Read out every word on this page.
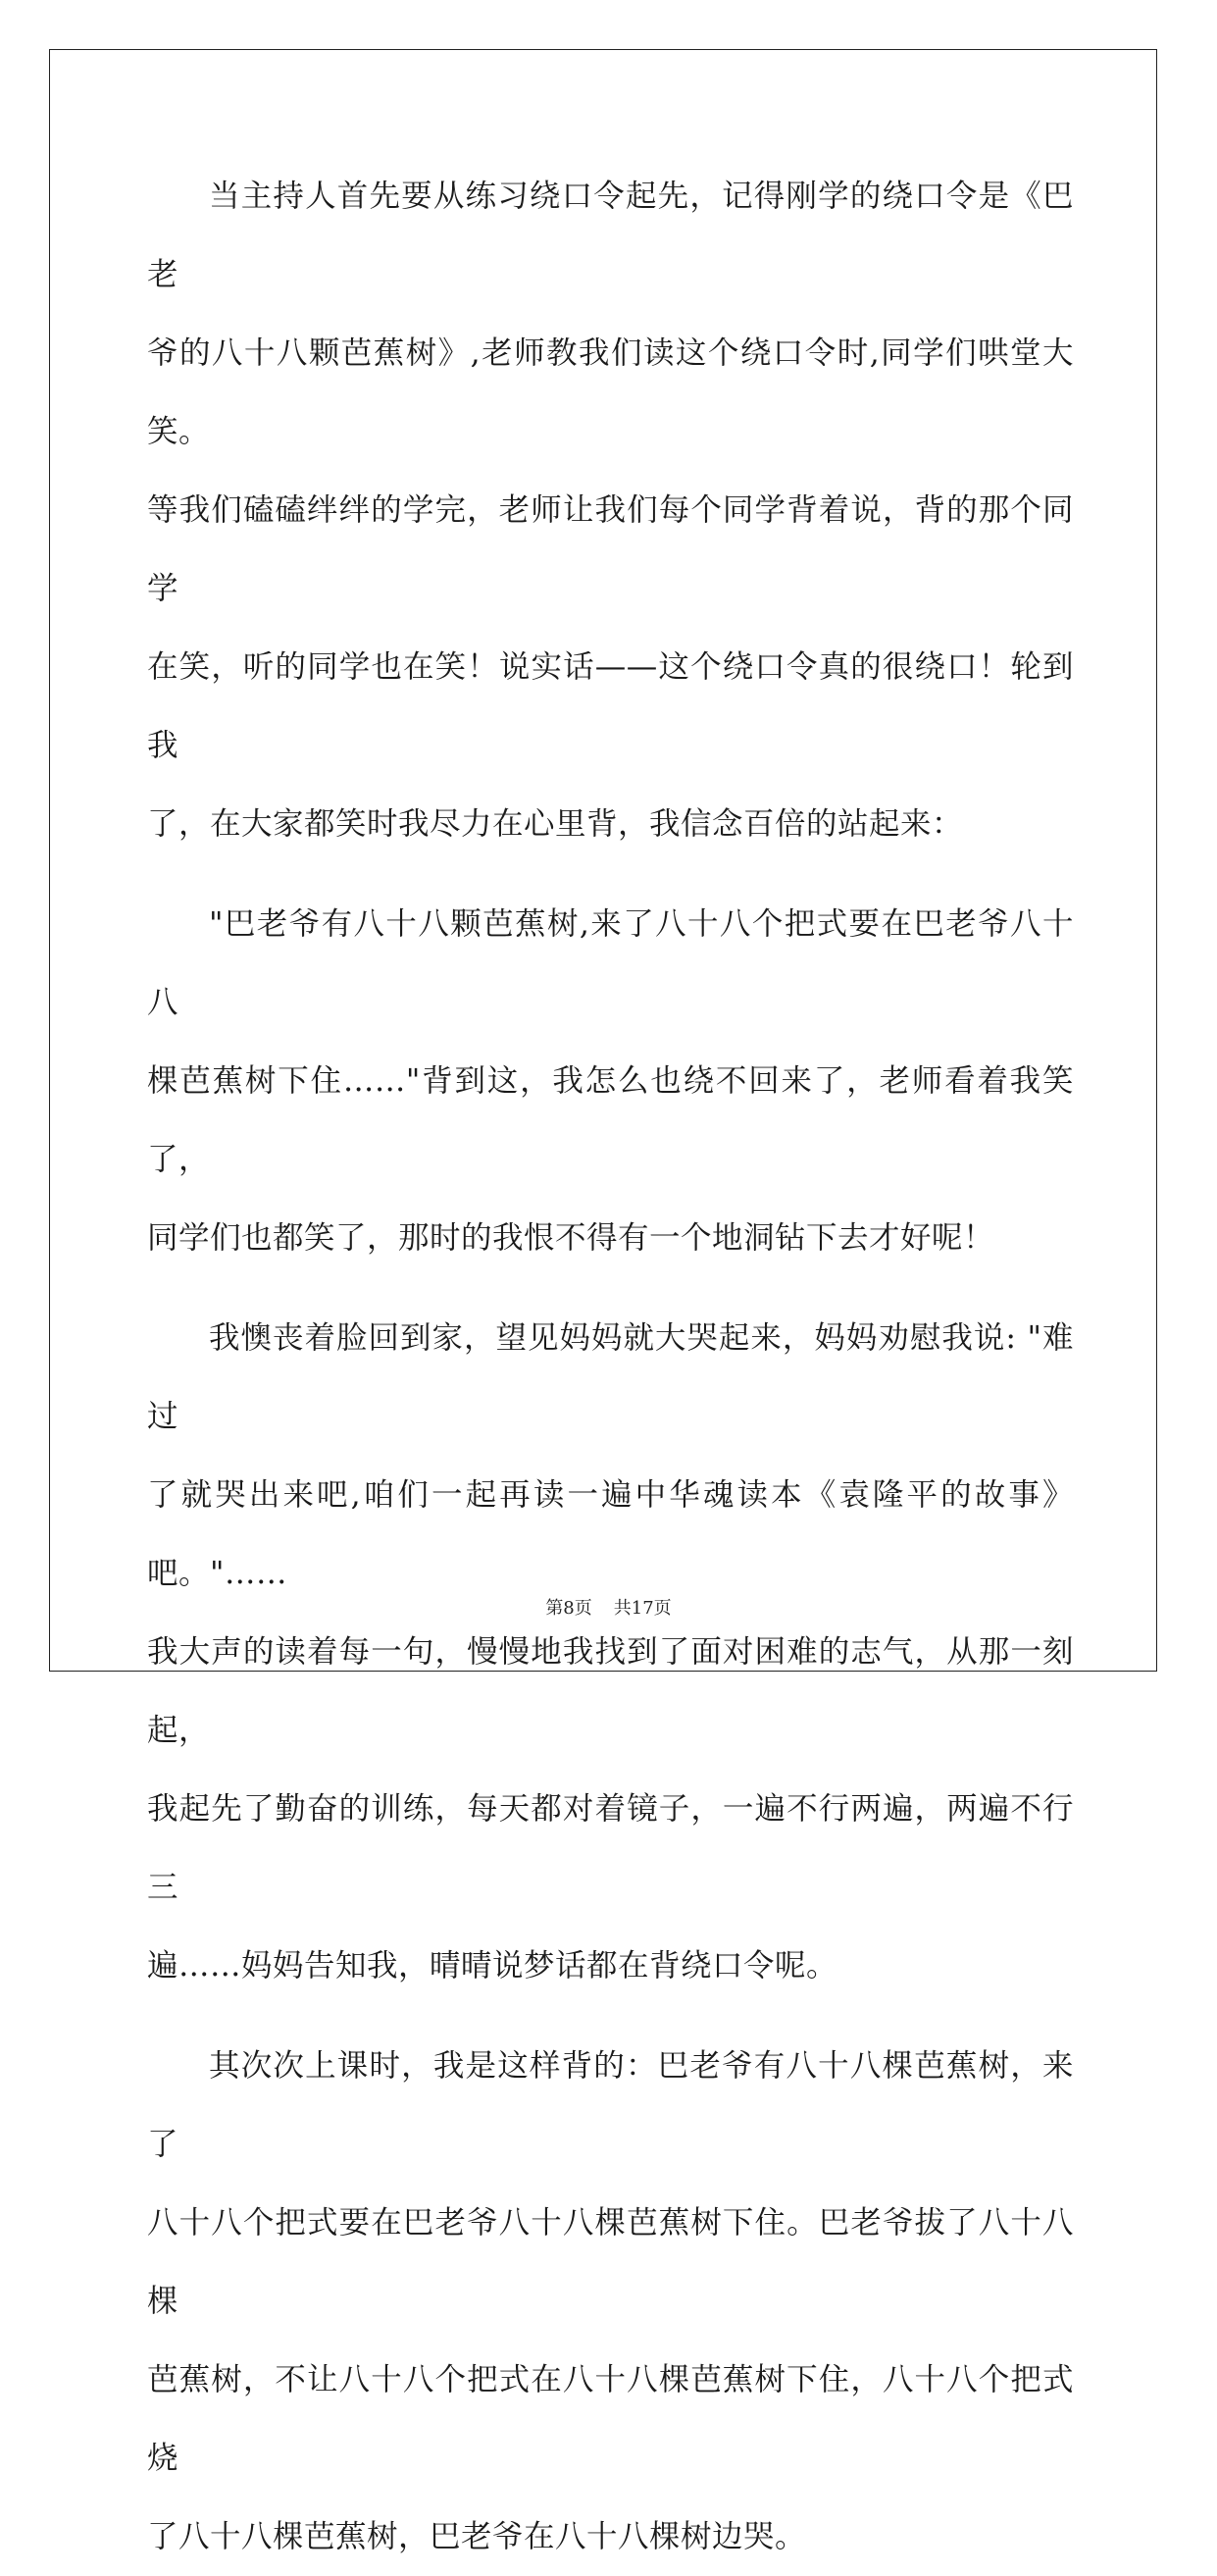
当主持人首先要从练习绕口令起先，记得刚学的绕口令是《巴老
爷的八十八颗芭蕉树》,老师教我们读这个绕口令时,同学们哄堂大笑。
等我们磕磕绊绊的学完，老师让我们每个同学背着说，背的那个同学
在笑，听的同学也在笑！说实话——这个绕口令真的很绕口！轮到我
了，在大家都笑时我尽力在心里背，我信念百倍的站起来：

"巴老爷有八十八颗芭蕉树,来了八十八个把式要在巴老爷八十八
棵芭蕉树下住……"背到这，我怎么也绕不回来了，老师看着我笑了，
同学们也都笑了，那时的我恨不得有一个地洞钻下去才好呢！

我懊丧着脸回到家，望见妈妈就大哭起来，妈妈劝慰我说: "难过
了就哭出来吧,咱们一起再读一遍中华魂读本《袁隆平的故事》吧。"……
我大声的读着每一句，慢慢地我找到了面对困难的志气，从那一刻起，
我起先了勤奋的训练，每天都对着镜子，一遍不行两遍，两遍不行三
遍……妈妈告知我，晴晴说梦话都在背绕口令呢。

其次次上课时，我是这样背的：巴老爷有八十八棵芭蕉树，来了
八十八个把式要在巴老爷八十八棵芭蕉树下住。巴老爷拔了八十八棵
芭蕉树，不让八十八个把式在八十八棵芭蕉树下住，八十八个把式烧
了八十八棵芭蕉树，巴老爷在八十八棵树边哭。

第8页 共17页
